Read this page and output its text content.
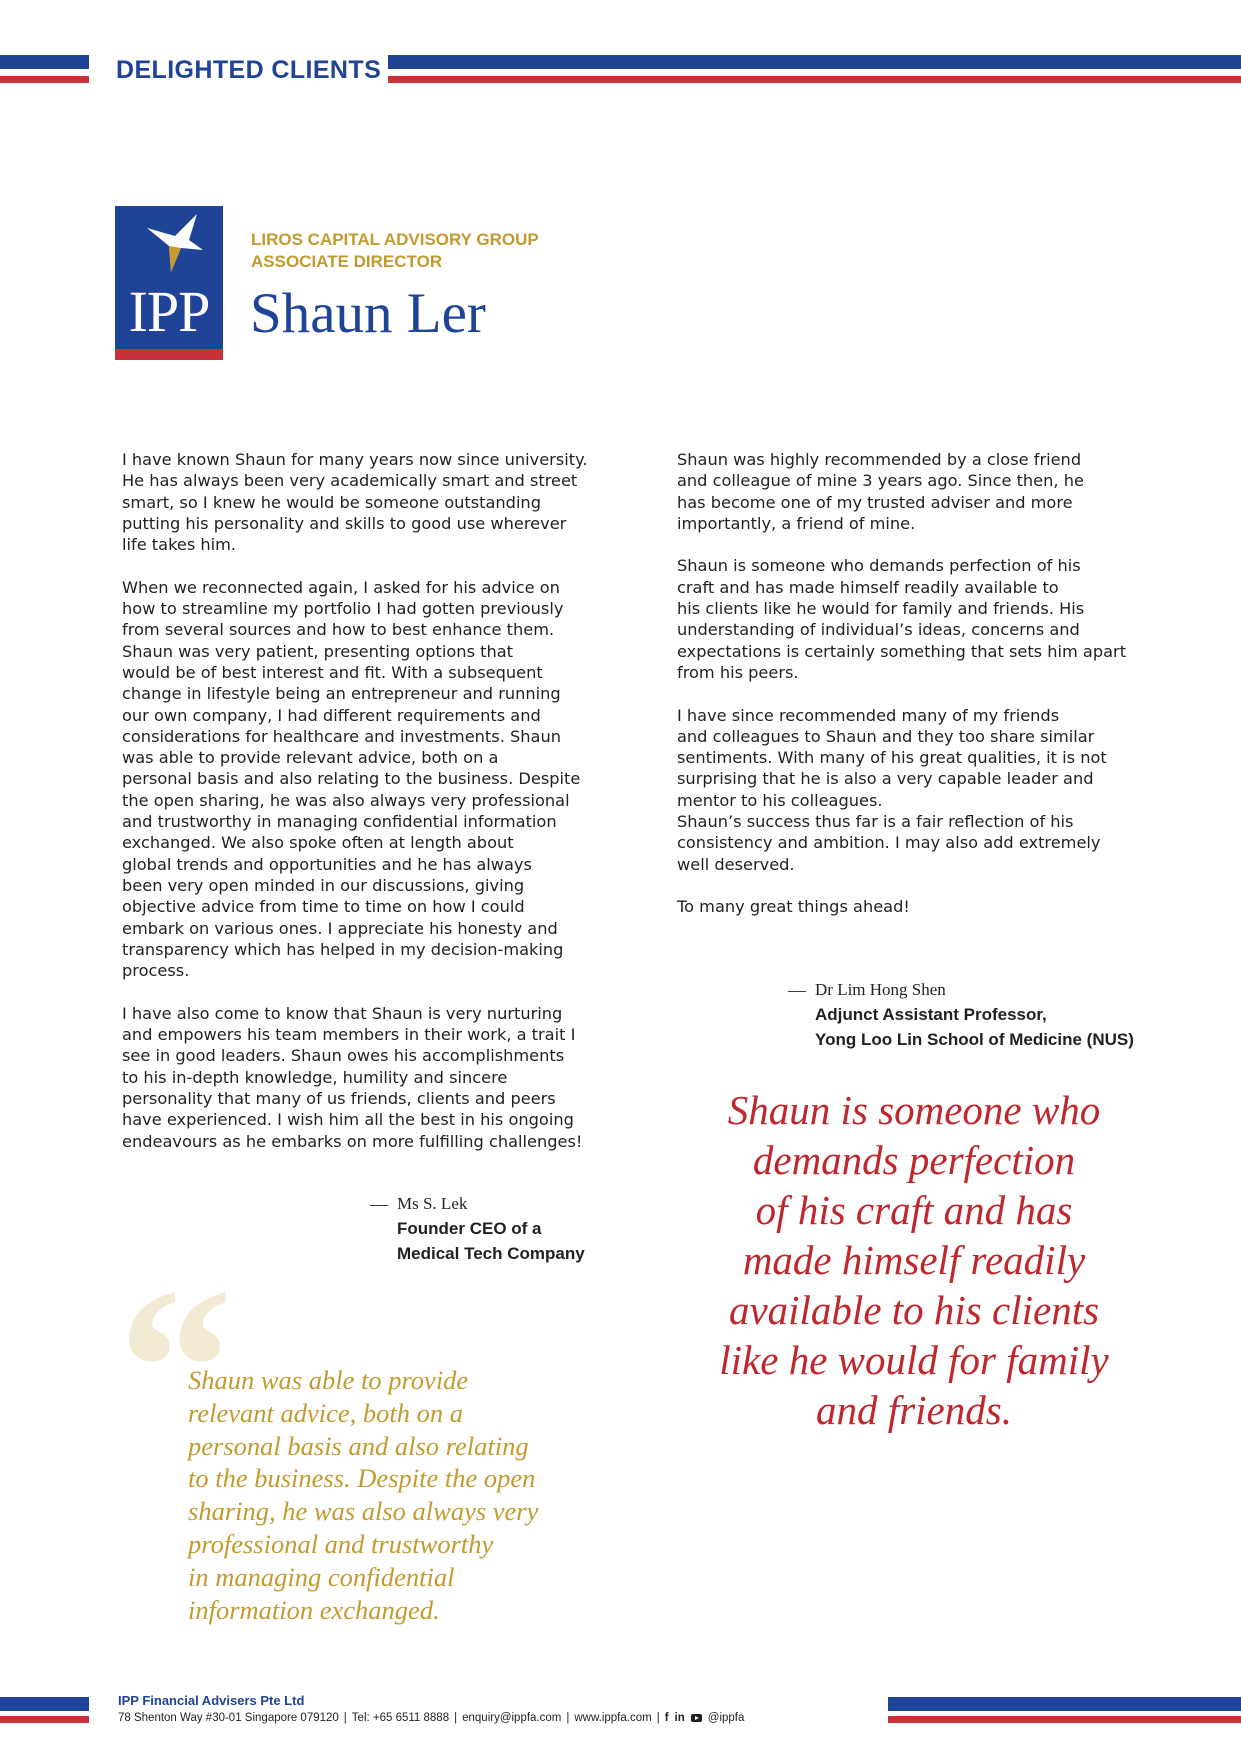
DELIGHTED CLIENTS
IPP
LIROS CAPITAL ADVISORY GROUP
ASSOCIATE DIRECTOR
Shaun Ler

I have known Shaun for many years now since university.

He has always been very academically smart and street

smart, so I knew he would be someone outstanding

putting his personality and skills to good use wherever

life takes him.

When we reconnected again, I asked for his advice on

how to streamline my portfolio I had gotten previously

from several sources and how to best enhance them.

Shaun was very patient, presenting options that

would be of best interest and fit. With a subsequent

change in lifestyle being an entrepreneur and running

our own company, I had different requirements and

considerations for healthcare and investments. Shaun

was able to provide relevant advice, both on a

personal basis and also relating to the business. Despite

the open sharing, he was also always very professional

and trustworthy in managing confidential information

exchanged. We also spoke often at length about

global trends and opportunities and he has always

been very open minded in our discussions, giving

objective advice from time to time on how I could

embark on various ones. I appreciate his honesty and

transparency which has helped in my decision-making

process.

I have also come to know that Shaun is very nurturing

and empowers his team members in their work, a trait I

see in good leaders. Shaun owes his accomplishments

to his in-depth knowledge, humility and sincere

personality that many of us friends, clients and peers

have experienced. I wish him all the best in his ongoing

endeavours as he embarks on more fulfilling challenges!

— Ms S. Lek
Founder CEO of a
Medical Tech Company

Shaun was highly recommended by a close friend

and colleague of mine 3 years ago. Since then, he

has become one of my trusted adviser and more

importantly, a friend of mine.

Shaun is someone who demands perfection of his

craft and has made himself readily available to

his clients like he would for family and friends. His

understanding of individual’s ideas, concerns and

expectations is certainly something that sets him apart

from his peers.

I have since recommended many of my friends

and colleagues to Shaun and they too share similar

sentiments. With many of his great qualities, it is not

surprising that he is also a very capable leader and

mentor to his colleagues.

Shaun’s success thus far is a fair reflection of his

consistency and ambition. I may also add extremely

well deserved.

To many great things ahead!

— Dr Lim Hong Shen
Adjunct Assistant Professor,
Yong Loo Lin School of Medicine (NUS)
“

Shaun was able to provide

relevant advice, both on a

personal basis and also relating

to the business. Despite the open

sharing, he was also always very

professional and trustworthy

in managing confidential

information exchanged.

Shaun is someone who

demands perfection

of his craft and has

made himself readily

available to his clients

like he would for family

and friends.

IPP Financial Advisers Pte Ltd
78 Shenton Way #30-01 Singapore 079120 | Tel: +65 6511 8888 | enquiry@ippfa.com | www.ippfa.com | f in @ippfa
